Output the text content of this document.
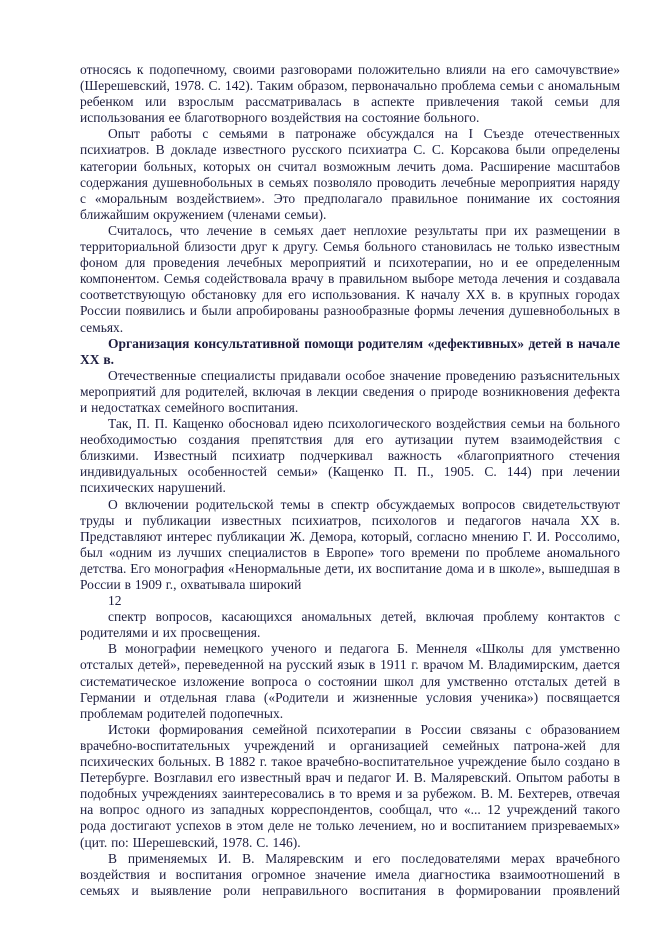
относясь к подопечному, своими разговорами положительно влияли на его самочувствие» (Шерешевский, 1978. С. 142). Таким образом, первоначально проблема семьи с аномальным ребенком или взрослым рассматривалась в аспекте привлечения такой семьи для использования ее благотворного воздействия на состояние больного.

Опыт работы с семьями в патронаже обсуждался на I Съезде отечественных психиатров. В докладе известного русского психиатра С. С. Корсакова были определены категории больных, которых он считал возможным лечить дома. Расширение масштабов содержания душевнобольных в семьях позволяло проводить лечебные мероприятия наряду с «моральным воздействием». Это предполагало правильное понимание их состояния ближайшим окружением (членами семьи).

Считалось, что лечение в семьях дает неплохие результаты при их размещении в территориальной близости друг к другу. Семья больного становилась не только известным фоном для проведения лечебных мероприятий и психотерапии, но и ее определенным компонентом. Семья содействовала врачу в правильном выборе метода лечения и создавала соответствующую обстановку для его использования. К началу XX в. в крупных городах России появились и были апробированы разнообразные формы лечения душевнобольных в семьях.

Организация консультативной помощи родителям «дефективных» детей в начале XX в.

Отечественные специалисты придавали особое значение проведению разъяснительных мероприятий для родителей, включая в лекции сведения о природе возникновения дефекта и недостатках семейного воспитания.

Так, П. П. Кащенко обосновал идею психологического воздействия семьи на больного необходимостью создания препятствия для его аутизации путем взаимодействия с близкими. Известный психиатр подчеркивал важность «благоприятного стечения индивидуальных особенностей семьи» (Кащенко П. П., 1905. С. 144) при лечении психических нарушений.

О включении родительской темы в спектр обсуждаемых вопросов свидетельствуют труды и публикации известных психиатров, психологов и педагогов начала XX в. Представляют интерес публикации Ж. Демора, который, согласно мнению Г. И. Россолимо, был «одним из лучших специалистов в Европе» того времени по проблеме аномального детства. Его монография «Ненормальные дети, их воспитание дома и в школе», вышедшая в России в 1909 г., охватывала широкий

12

спектр вопросов, касающихся аномальных детей, включая проблему контактов с родителями и их просвещения.

В монографии немецкого ученого и педагога Б. Меннеля «Школы для умственно отсталых детей», переведенной на русский язык в 1911 г. врачом М. Владимирским, дается систематическое изложение вопроса о состоянии школ для умственно отсталых детей в Германии и отдельная глава («Родители и жизненные условия ученика») посвящается проблемам родителей подопечных.

Истоки формирования семейной психотерапии в России связаны с образованием врачебно-воспитательных учреждений и организацией семейных патрона-жей для психических больных. В 1882 г. такое врачебно-воспитательное учреждение было создано в Петербурге. Возглавил его известный врач и педагог И. В. Маляревский. Опытом работы в подобных учреждениях заинтересовались в то время и за рубежом. В. М. Бехтерев, отвечая на вопрос одного из западных корреспондентов, сообщал, что «... 12 учреждений такого рода достигают успехов в этом деле не только лечением, но и воспитанием призреваемых» (цит. по: Шерешевский, 1978. С. 146).

В применяемых И. В. Маляревским и его последователями мерах врачебного воздействия и воспитания огромное значение имела диагностика взаимоотношений в семьях и выявление роли неправильного воспитания в формировании проявлений
